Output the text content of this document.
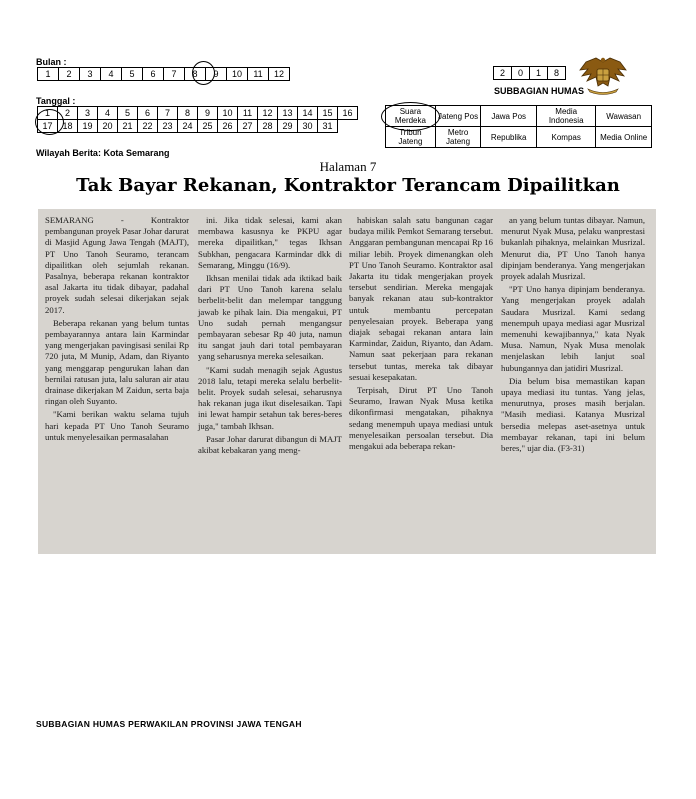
Bulan :
1	2	3	4	5	6	7	8	9	10	11	12
Tanggal :
1	2	3	4	5	6	7	8	9	10	11	12	13	14	15	16
17	18	19	20	21	22	23	24	25	26	27	28	29	30	31	
Wilayah Berita: Kota Semarang
2	0	1	8
SUBBAGIAN HUMAS
Suara Merdeka	Jateng Pos	Jawa Pos	Media Indonesia	Wawasan
Tribun Jateng	Metro Jateng	Republika	Kompas	Media Online
Halaman 7
Tak Bayar Rekanan, Kontraktor Terancam Dipailitkan

SEMARANG - Kontraktor pembangunan proyek Pasar Johar darurat di Masjid Agung Jawa Tengah (MAJT), PT Uno Tanoh Seuramo, terancam dipailitkan oleh sejumlah rekanan. Pasalnya, beberapa rekanan kontraktor asal Jakarta itu tidak dibayar, padahal proyek sudah selesai dikerjakan sejak 2017.

Beberapa rekanan yang belum tuntas pembayarannya antara lain Karmindar yang mengerjakan pavingisasi senilai Rp 720 juta, M Munip, Adam, dan Riyanto yang menggarap pengurukan lahan dan bernilai ratusan juta, lalu saluran air atau drainase dikerjakan M Zaidun, serta baja ringan oleh Suyanto.

"Kami berikan waktu selama tujuh hari kepada PT Uno Tanoh Seuramo untuk menyelesaikan permasalahan

ini. Jika tidak selesai, kami akan membawa kasusnya ke PKPU agar mereka dipailitkan," tegas Ikhsan Subkhan, pengacara Karmindar dkk di Semarang, Minggu (16/9).

Ikhsan menilai tidak ada iktikad baik dari PT Uno Tanoh karena selalu berbelit-belit dan melempar tanggung jawab ke pihak lain. Dia mengakui, PT Uno sudah pernah mengangsur pembayaran sebesar Rp 40 juta, namun itu sangat jauh dari total pembayaran yang seharusnya mereka selesaikan.

"Kami sudah menagih sejak Agustus 2018 lalu, tetapi mereka selalu berbelit-belit. Proyek sudah selesai, seharusnya hak rekanan juga ikut diselesaikan. Tapi ini lewat hampir setahun tak beres-beres juga," tambah Ikhsan.

Pasar Johar darurat dibangun di MAJT akibat kebakaran yang meng-

habiskan salah satu bangunan cagar budaya milik Pemkot Semarang tersebut. Anggaran pembangunan mencapai Rp 16 miliar lebih. Proyek dimenangkan oleh PT Uno Tanoh Seuramo. Kontraktor asal Jakarta itu tidak mengerjakan proyek tersebut sendirian. Mereka mengajak banyak rekanan atau sub-kontraktor untuk membantu percepatan penyelesaian proyek. Beberapa yang diajak sebagai rekanan antara lain Karmindar, Zaidun, Riyanto, dan Adam. Namun saat pekerjaan para rekanan tersebut tuntas, mereka tak dibayar sesuai kesepakatan.

Terpisah, Dirut PT Uno Tanoh Seuramo, Irawan Nyak Musa ketika dikonfirmasi mengatakan, pihaknya sedang menempuh upaya mediasi untuk menyelesaikan persoalan tersebut. Dia mengakui ada beberapa rekan-

an yang belum tuntas dibayar. Namun, menurut Nyak Musa, pelaku wanprestasi bukanlah pihaknya, melainkan Musrizal. Menurut dia, PT Uno Tanoh hanya dipinjam benderanya. Yang mengerjakan proyek adalah Musrizal.

"PT Uno hanya dipinjam benderanya. Yang mengerjakan proyek adalah Saudara Musrizal. Kami sedang menempuh upaya mediasi agar Musrizal memenuhi kewajibannya," kata Nyak Musa. Namun, Nyak Musa menolak menjelaskan lebih lanjut soal hubungannya dan jatidiri Musrizal.

Dia belum bisa memastikan kapan upaya mediasi itu tuntas. Yang jelas, menurutnya, proses masih berjalan. "Masih mediasi. Katanya Musrizal bersedia melepas aset-asetnya untuk membayar rekanan, tapi ini belum beres," ujar dia. (F3-31)

SUBBAGIAN HUMAS PERWAKILAN PROVINSI JAWA TENGAH
